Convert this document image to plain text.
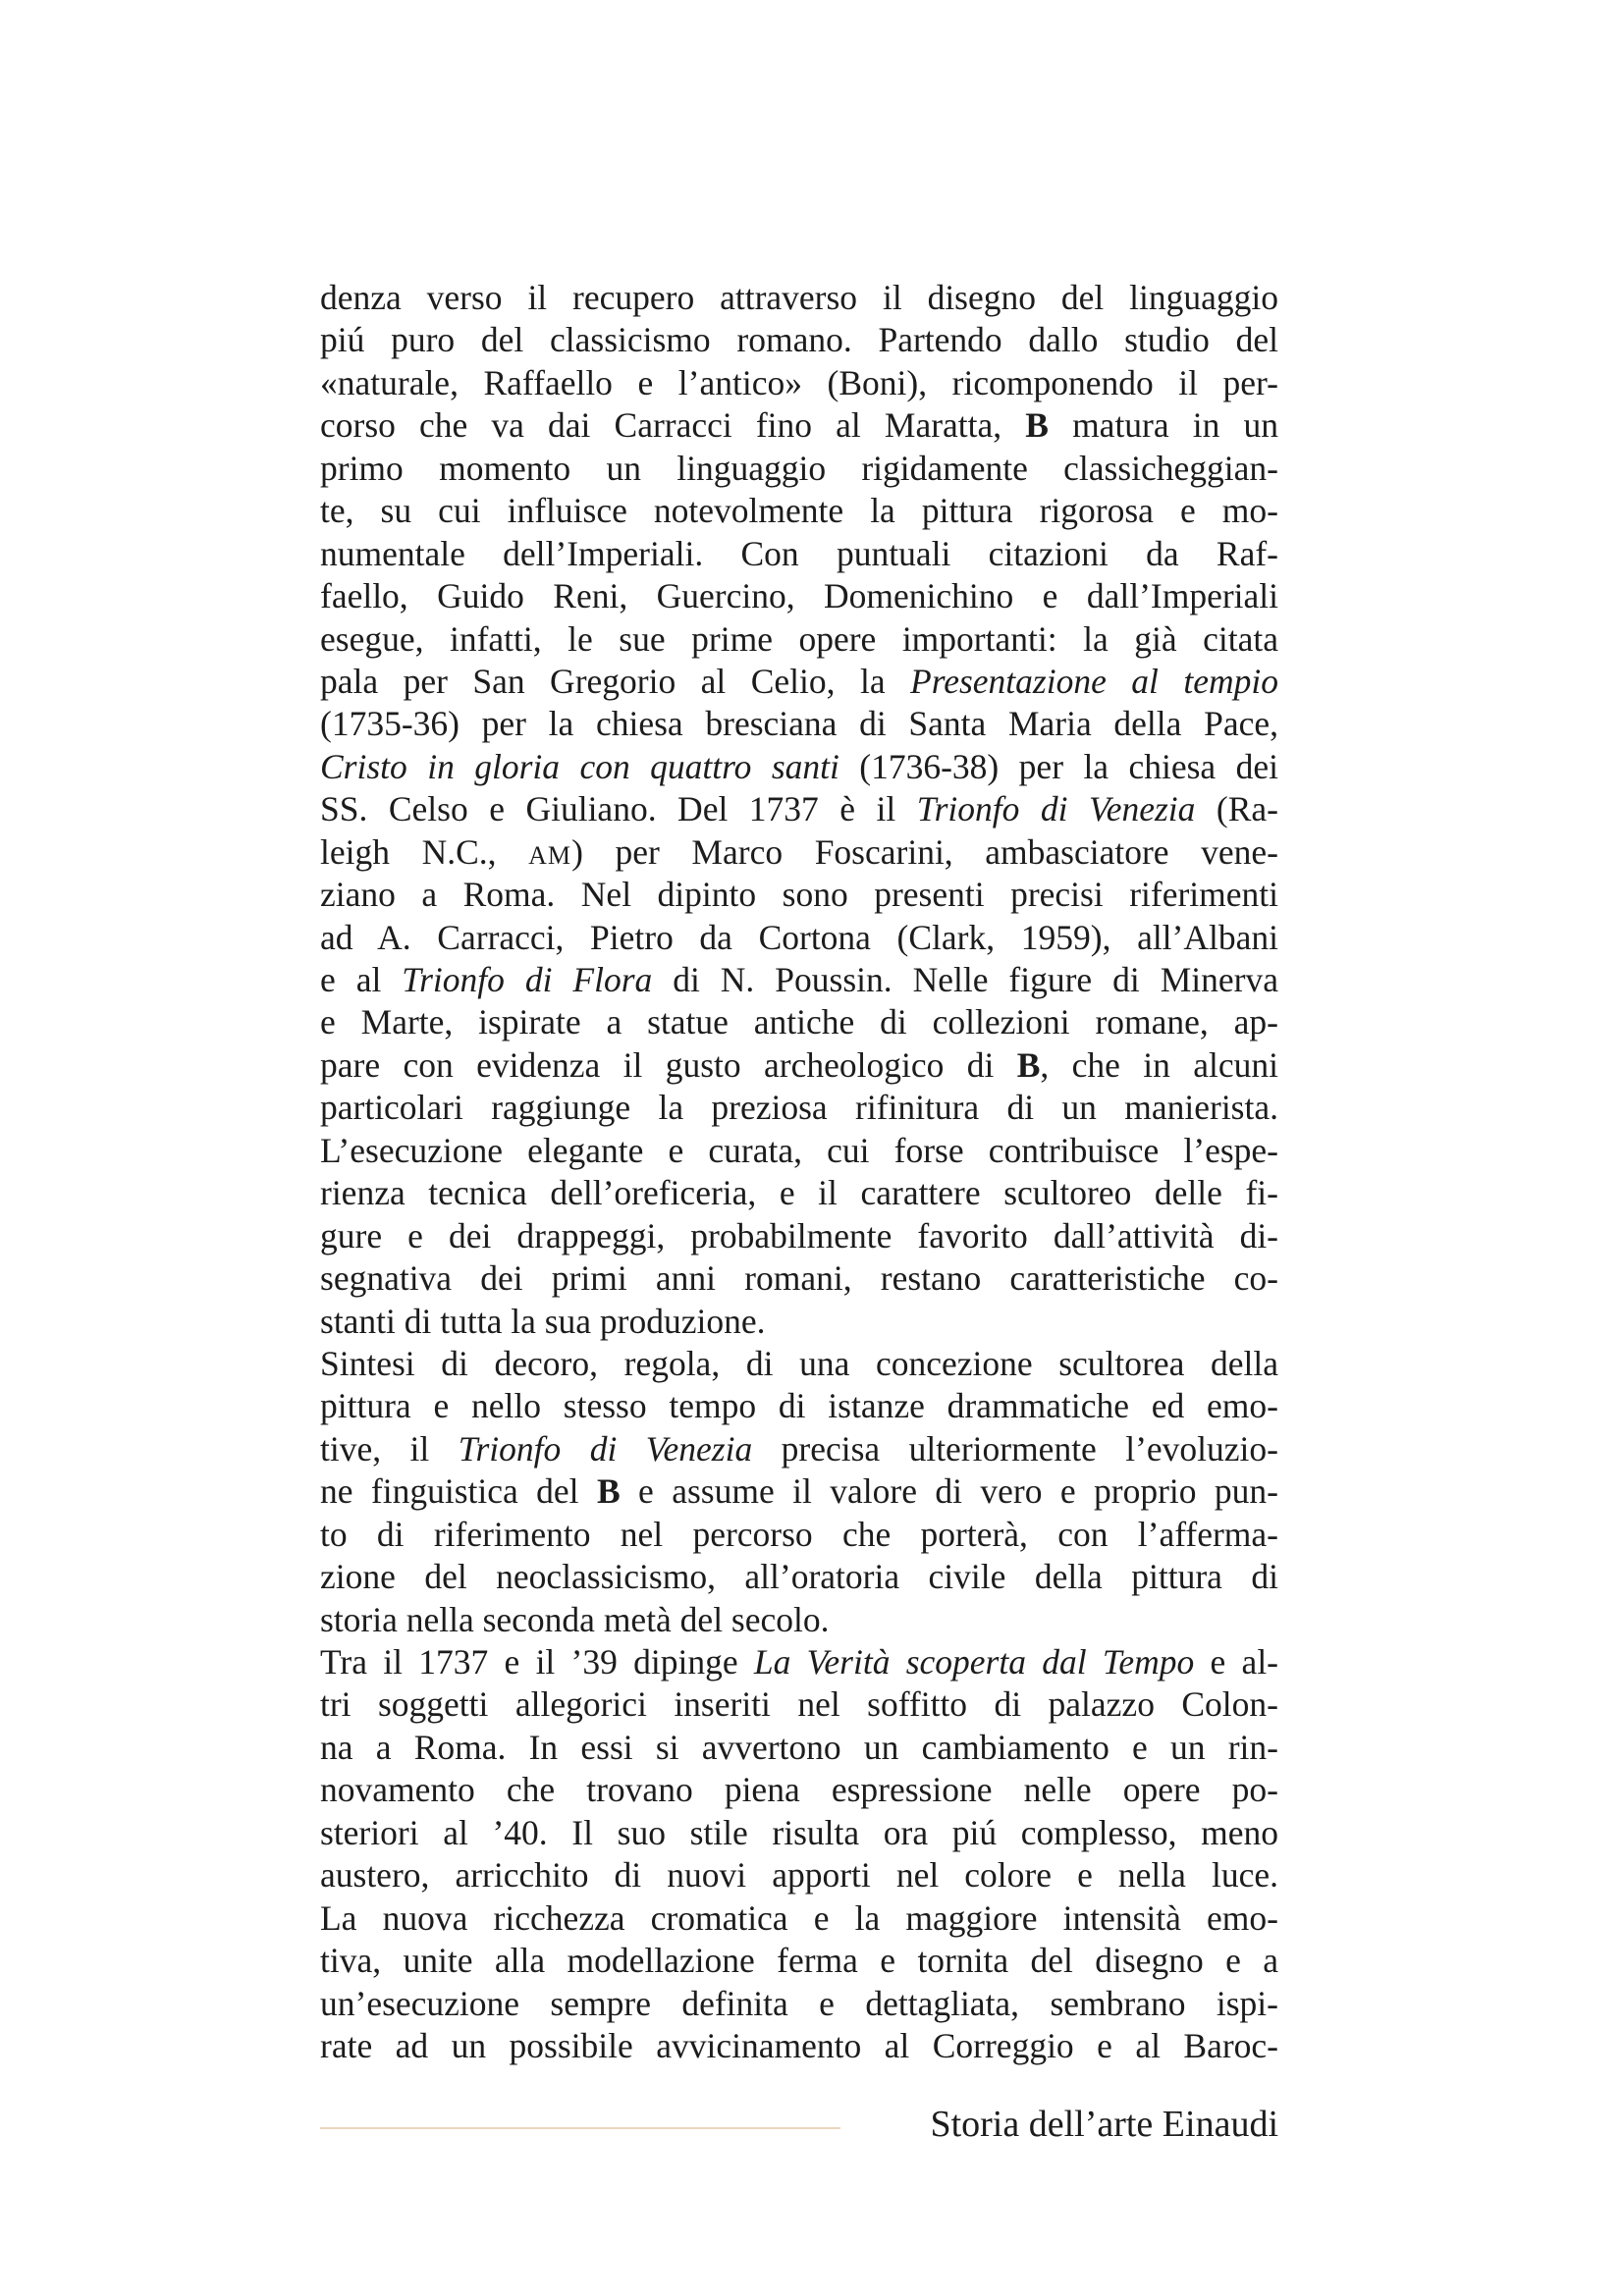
denza verso il recupero attraverso il disegno del linguaggio
piú puro del classicismo romano. Partendo dallo studio del
«naturale, Raffaello e l’antico» (Boni), ricomponendo il per-
corso che va dai Carracci fino al Maratta, B matura in un
primo momento un linguaggio rigidamente classicheggian-
te, su cui influisce notevolmente la pittura rigorosa e mo-
numentale dell’Imperiali. Con puntuali citazioni da Raf-
faello, Guido Reni, Guercino, Domenichino e dall’Imperiali
esegue, infatti, le sue prime opere importanti: la già citata
pala per San Gregorio al Celio, la Presentazione al tempio
(1735-36) per la chiesa bresciana di Santa Maria della Pace,
Cristo in gloria con quattro santi (1736-38) per la chiesa dei
SS. Celso e Giuliano. Del 1737 è il Trionfo di Venezia (Ra-
leigh N.C., AM) per Marco Foscarini, ambasciatore vene-
ziano a Roma. Nel dipinto sono presenti precisi riferimenti
ad A. Carracci, Pietro da Cortona (Clark, 1959), all’Albani
e al Trionfo di Flora di N. Poussin. Nelle figure di Minerva
e Marte, ispirate a statue antiche di collezioni romane, ap-
pare con evidenza il gusto archeologico di B, che in alcuni
particolari raggiunge la preziosa rifinitura di un manierista.
L’esecuzione elegante e curata, cui forse contribuisce l’espe-
rienza tecnica dell’oreficeria, e il carattere scultoreo delle fi-
gure e dei drappeggi, probabilmente favorito dall’attività di-
segnativa dei primi anni romani, restano caratteristiche co-
stanti di tutta la sua produzione.
Sintesi di decoro, regola, di una concezione scultorea della
pittura e nello stesso tempo di istanze drammatiche ed emo-
tive, il Trionfo di Venezia precisa ulteriormente l’evoluzio-
ne finguistica del B e assume il valore di vero e proprio pun-
to di riferimento nel percorso che porterà, con l’afferma-
zione del neoclassicismo, all’oratoria civile della pittura di
storia nella seconda metà del secolo.
Tra il 1737 e il ’39 dipinge La Verità scoperta dal Tempo e al-
tri soggetti allegorici inseriti nel soffitto di palazzo Colon-
na a Roma. In essi si avvertono un cambiamento e un rin-
novamento che trovano piena espressione nelle opere po-
steriori al ’40. Il suo stile risulta ora piú complesso, meno
austero, arricchito di nuovi apporti nel colore e nella luce.
La nuova ricchezza cromatica e la maggiore intensità emo-
tiva, unite alla modellazione ferma e tornita del disegno e a
un’esecuzione sempre definita e dettagliata, sembrano ispi-
rate ad un possibile avvicinamento al Correggio e al Baroc-
Storia dell’arte Einaudi
